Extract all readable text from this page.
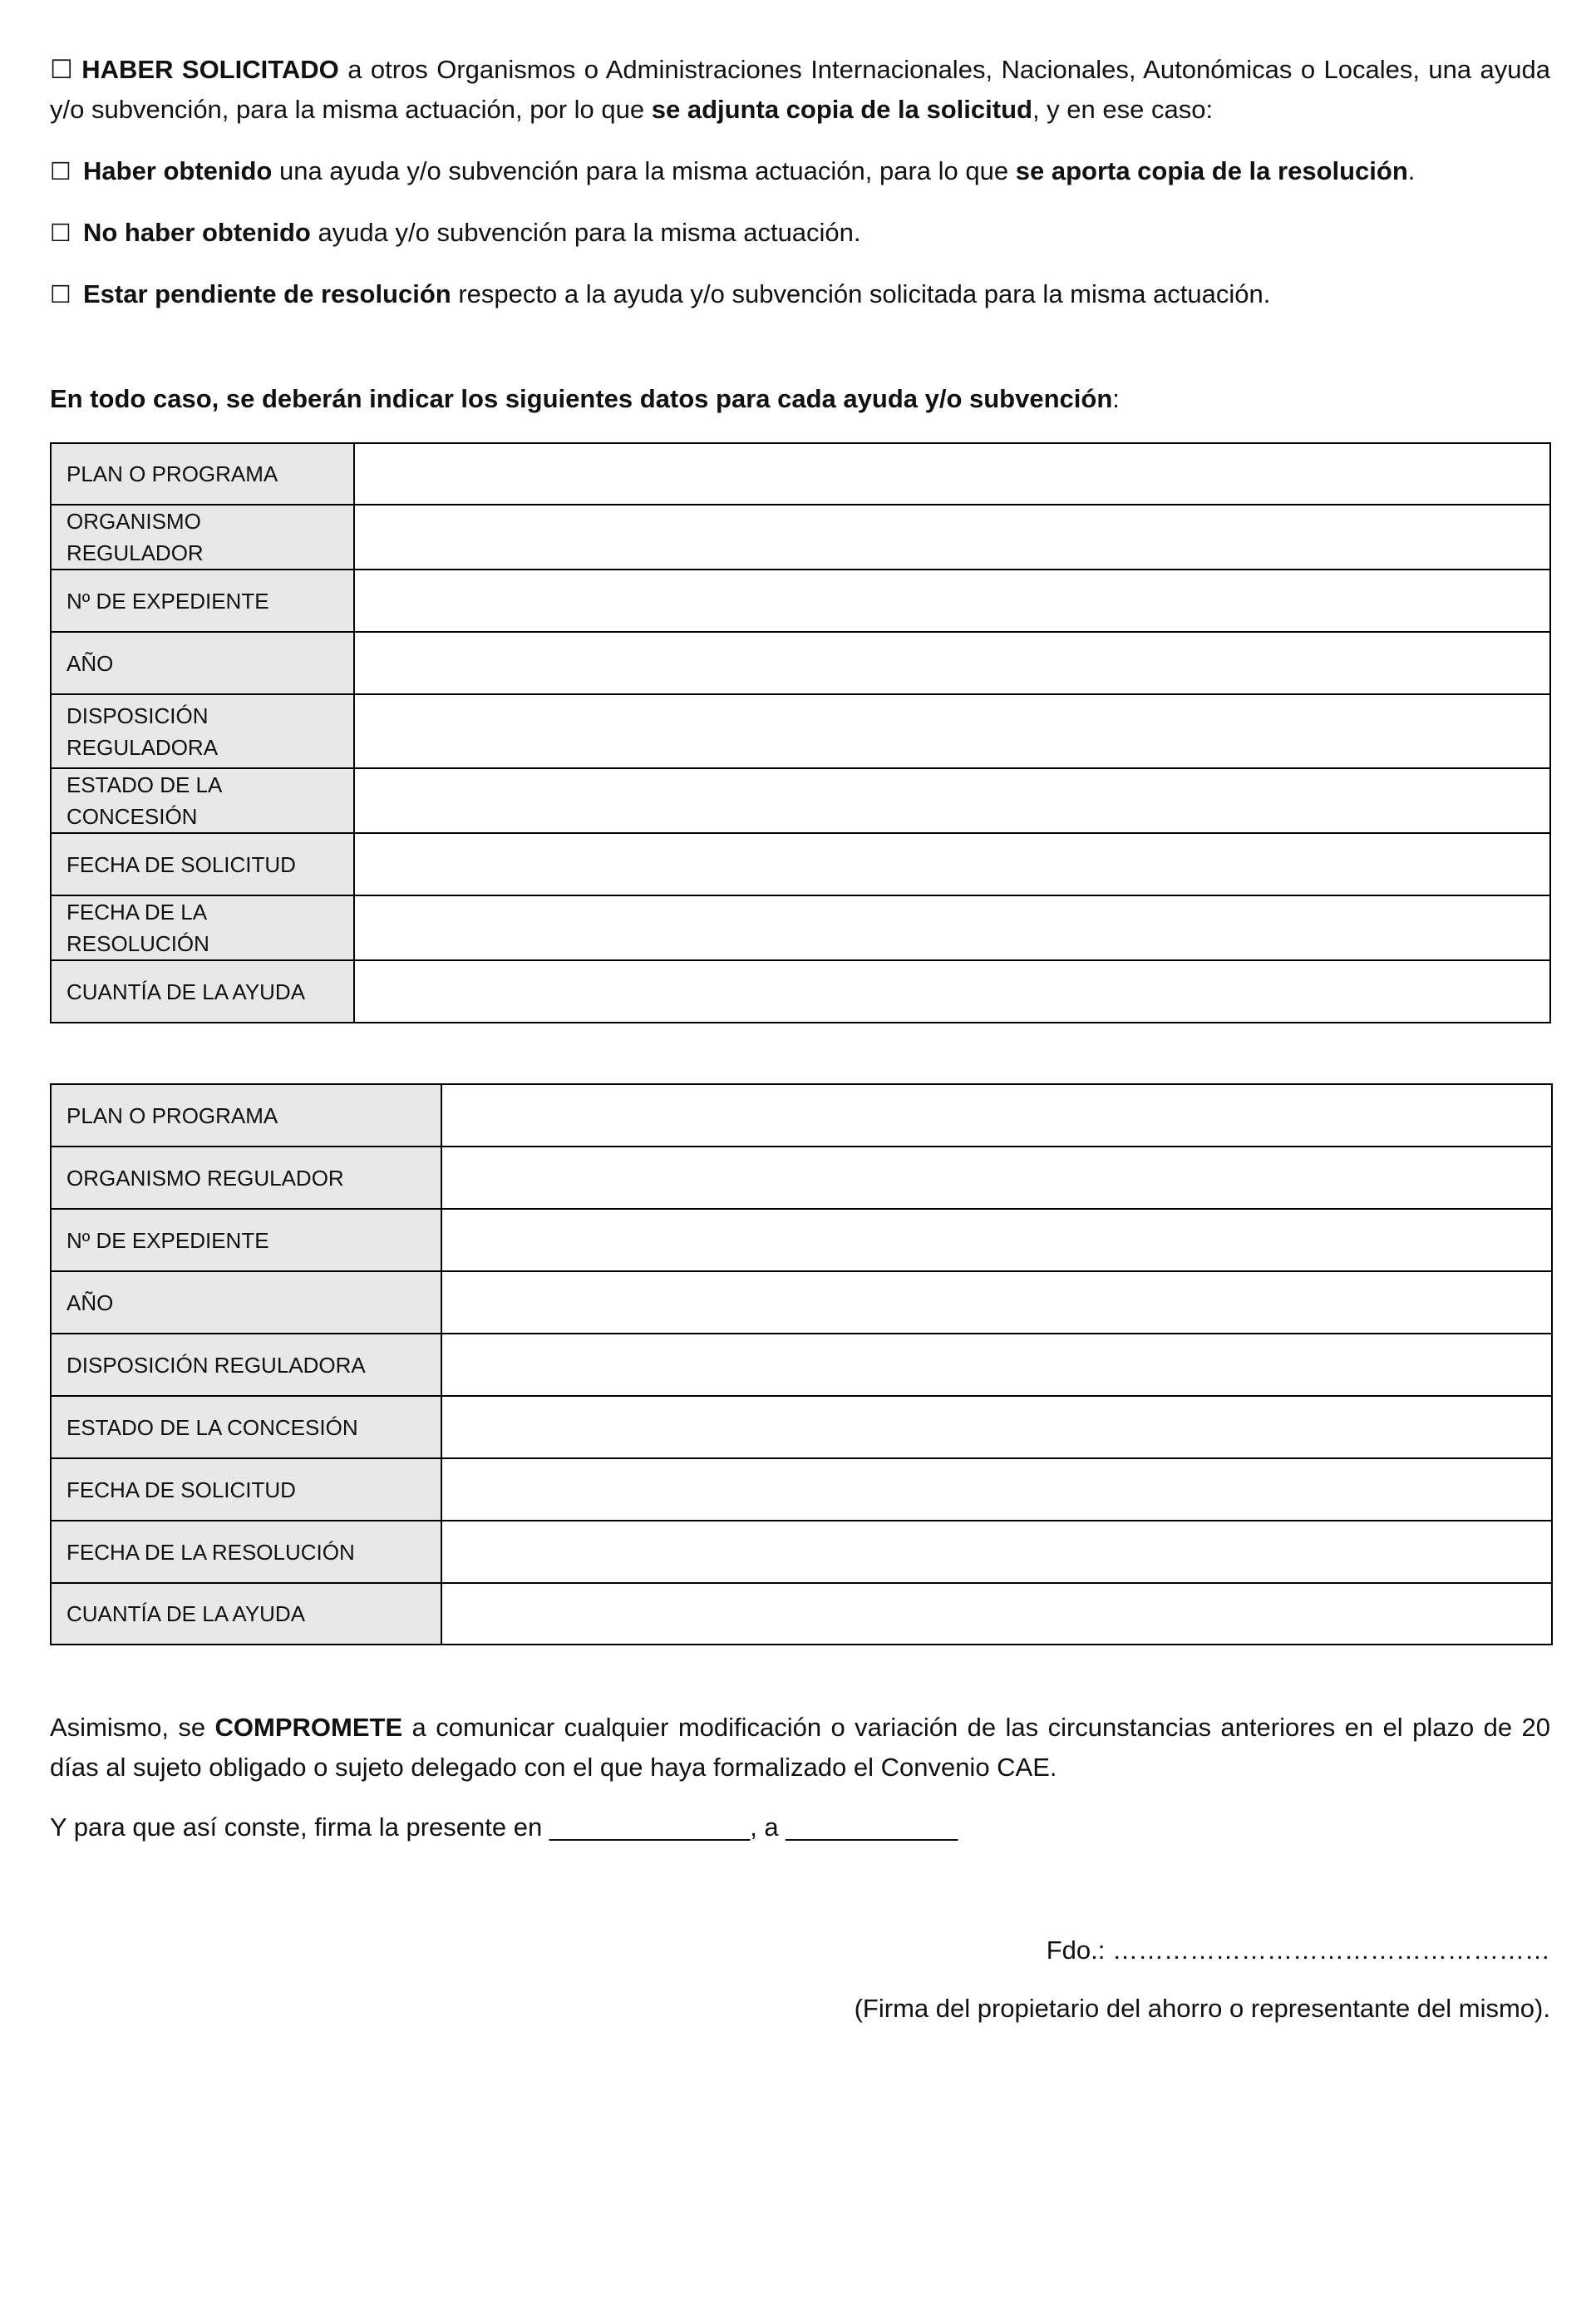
☐ HABER SOLICITADO a otros Organismos o Administraciones Internacionales, Nacionales, Autonómicas o Locales, una ayuda y/o subvención, para la misma actuación, por lo que se adjunta copia de la solicitud, y en ese caso:

☐ Haber obtenido una ayuda y/o subvención para la misma actuación, para lo que se aporta copia de la resolución.

☐ No haber obtenido ayuda y/o subvención para la misma actuación.

☐ Estar pendiente de resolución respecto a la ayuda y/o subvención solicitada para la misma actuación.

En todo caso, se deberán indicar los siguientes datos para cada ayuda y/o subvención:

PLAN O PROGRAMA	
ORGANISMO REGULADOR	
Nº DE EXPEDIENTE	
AÑO	
DISPOSICIÓN REGULADORA	
ESTADO DE LA CONCESIÓN	
FECHA DE SOLICITUD	
FECHA DE LA RESOLUCIÓN	
CUANTÍA DE LA AYUDA	
PLAN O PROGRAMA	
ORGANISMO REGULADOR	
Nº DE EXPEDIENTE	
AÑO	
DISPOSICIÓN REGULADORA	
ESTADO DE LA CONCESIÓN	
FECHA DE SOLICITUD	
FECHA DE LA RESOLUCIÓN	
CUANTÍA DE LA AYUDA	

Asimismo, se COMPROMETE a comunicar cualquier modificación o variación de las circunstancias anteriores en el plazo de 20 días al sujeto obligado o sujeto delegado con el que haya formalizado el Convenio CAE.

Y para que así conste, firma la presente en ______________, a ____________

Fdo.: ……………………………………………

(Firma del propietario del ahorro o representante del mismo).
